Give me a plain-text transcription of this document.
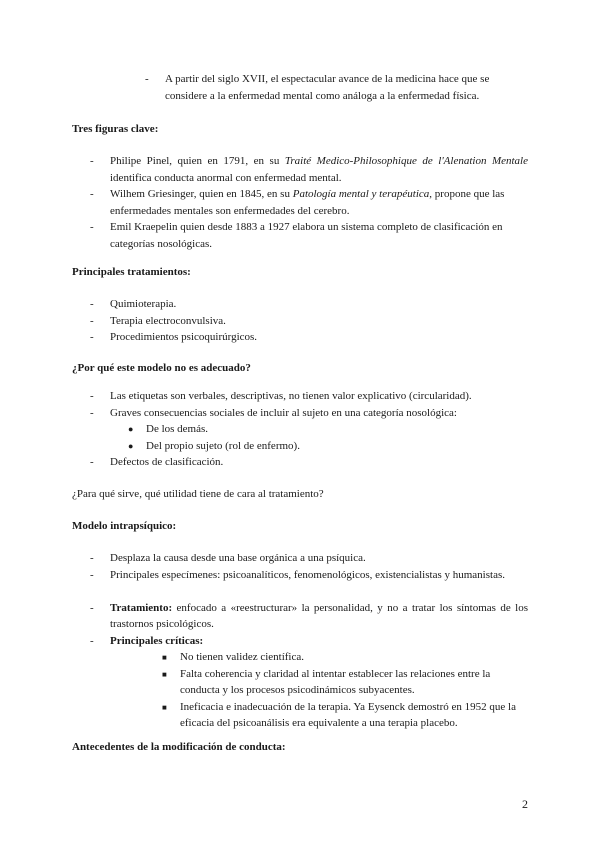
- A partir del siglo XVII, el espectacular avance de la medicina hace que se considere a la enfermedad mental como análoga a la enfermedad física.
Tres figuras clave:
- Philipe Pinel, quien en 1791, en su Traité Medico-Philosophique de l'Alenation Mentale identifica conducta anormal con enfermedad mental.
- Wilhem Griesinger, quien en 1845, en su Patología mental y terapéutica, propone que las enfermedades mentales son enfermedades del cerebro.
- Emil Kraepelin quien desde 1883 a 1927 elabora un sistema completo de clasificación en categorías nosológicas.
Principales tratamientos:
- Quimioterapia.
- Terapia electroconvulsiva.
- Procedimientos psicoquirúrgicos.
¿Por qué este modelo no es adecuado?
- Las etiquetas son verbales, descriptivas, no tienen valor explicativo (circularidad).
- Graves consecuencias sociales de incluir al sujeto en una categoría nosológica:
● De los demás.
● Del propio sujeto (rol de enfermo).
- Defectos de clasificación.
¿Para qué sirve, qué utilidad tiene de cara al tratamiento?
Modelo intrapsíquico:
- Desplaza la causa desde una base orgánica a una psíquica.
- Principales especímenes: psicoanalíticos, fenomenológicos, existencialistas y humanistas.
- Tratamiento: enfocado a «reestructurar» la personalidad, y no a tratar los síntomas de los trastornos psicológicos.
- Principales críticas:
■ No tienen validez científica.
■ Falta coherencia y claridad al intentar establecer las relaciones entre la conducta y los procesos psicodinámicos subyacentes.
■ Ineficacia e inadecuación de la terapia. Ya Eysenck demostró en 1952 que la eficacia del psicoanálisis era equivalente a una terapia placebo.
Antecedentes de la modificación de conducta:
2
